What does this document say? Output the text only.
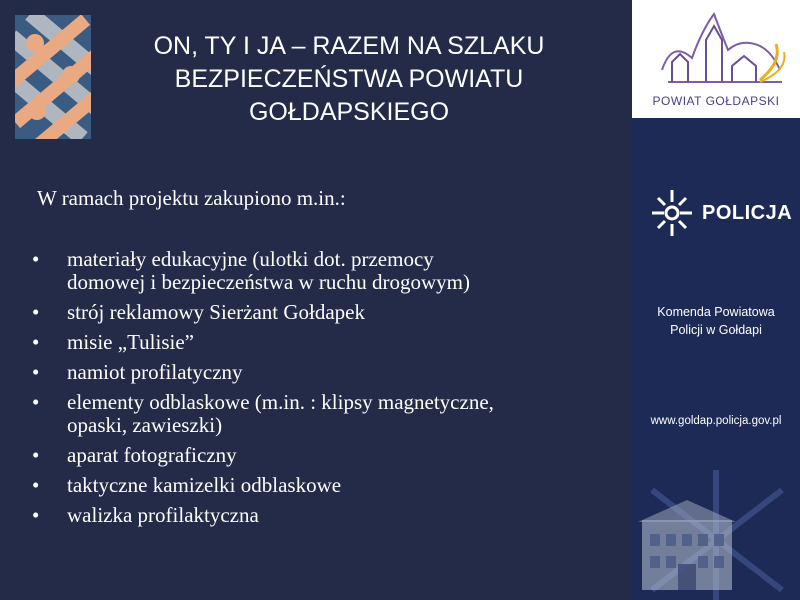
ON, TY I JA – RAZEM NA SZLAKU
BEZPIECZEŃSTWA POWIATU
GOŁDAPSKIEGO
W ramach projektu zakupiono m.in.:
• materiały edukacyjne (ulotki dot. przemocy
domowej i bezpieczeństwa w ruchu drogowym)
• strój reklamowy Sierżant Gołdapek
• misie „Tulisie”
• namiot profilatyczny
• elementy odblaskowe (m.in. : klipsy magnetyczne,
opaski, zawieszki)
• aparat fotograficzny
• taktyczne kamizelki odblaskowe
• walizka profilaktyczna
POWIAT GOŁDAPSKI
POLICJA
Komenda Powiatowa
Policji w Gołdapi
www.goldap.policja.gov.pl
